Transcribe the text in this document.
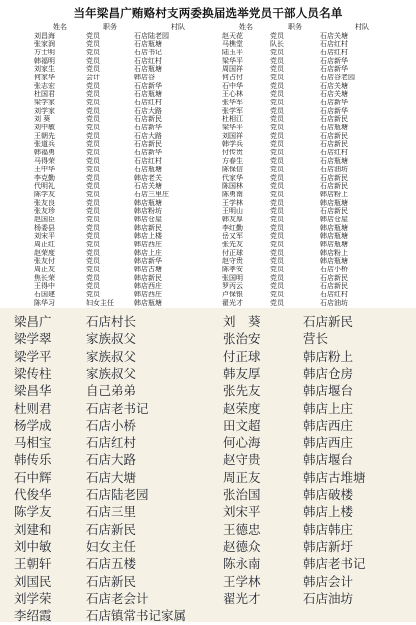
当年梁昌广贿赂村支两委换届选举党员干部人员名单
姓名	职务	村队	姓名	职务	村队
刘昌海	党员	石店陆老园	赵天花	党员	石店关塘
张家润	党员	石店瓶塘	马樵堂	队长	石店红村
方士明	党员	石店书记	陆玉平	党员	石店红村
韩福明	党员	石店红村	梁华平	党员	石店新华
刘家生	党员	石店瓶塘	周国祥	党员	石店新华
何家华	会计	韩店谷	何占付	党员	石店谷老园
张志宏	党员	石店新华	石中华	党员	石店关塘
杜国君	党员	石店瓶塘	王心林	党员	石店关塘
梁学家	党员	石店红村	张华军	党员	石店新华
刘学家	党员	石店大路	张学军	党员	石店新华
刘 葵	党员	石店新民	杜相江	党员	石店新民
刘中敏	党员	石店新华	梁华平	党员	石店瓶塘
王朝先	党员	石店大路	刘国祥	党员	石店新民
张道兵	党员	石店新民	韩学兵	党员	石店新民
韩福勇	党员	石店新华	付传贵	党员	石店红村
马得荣	党员	石店红村	方春生	党员	石店瓶塘
王中华	党员	石店瓶塘	陈保信	党员	石店油坊
李克勤	党员	韩店老关	代家华	党员	石店新民
代明礼	党员	石店关塘	陈国林	党员	石店新民
陈学友	党员	石店三里庄	陈勇南	党员	韩店粉上
张友良	党员	韩店瓶塘	王学林	党员	韩店瓶塘
张友珍	党员	韩店粉坊	王明山	党员	石店新民
赵国臣	党员	韩店仓屋	韩友厚	党员	韩店仓屋
杨委县	党员	韩店新民	李红勤	党员	韩店瓶塘
刘宋平	党员	韩店上楼	岳又军	党员	韩店瓶塘
周正红	党员	韩店西庄	张先友	党员	韩店瓶塘
赵荣度	党员	韩店上庄	付正球	党员	韩店粉上
张友付	党员	韩店新华	赵守贵	党员	韩店瓶塘
周正友	党员	韩店古塘	陈孝安	党员	石店小桥
焦长荣	党员	韩店新民	张国明	党员	石店新民
王得中	党员	韩店西庄	罗丙云	党员	石店新民
石国建	党员	韩店西庄	卢保银	党员	石店红村
陈华习	妇女主任	韩店瓶塘	翟光才	党员	石店油坊
梁昌广	石店村长	刘　葵	石店新民
梁学翠	家族叔父	张治安	营长
梁学平	家族叔父	付正球	韩店粉上
梁传柱	家族叔父	韩友厚	韩店仓房
梁昌华	自己弟弟	张先友	韩店堰台
杜则君	石店老书记	赵荣度	韩店上庄
杨学成	石店小桥	田文超	韩店西庄
马相宝	石店红村	何心海	韩店西庄
韩传乐	石店大路	赵守贵	韩店堰台
石中辉	石店大塘	周正友	韩店古堆塘
代俊华	石店陆老园	张治国	韩店破楼
陈学友	石店三里	刘宋平	韩店上楼
刘建和	石店新民	王德忠	韩店韩庄
刘中敏	妇女主任	赵德众	韩店新圩
王朝轩	石店五楼	陈永南	韩店老书记
刘国民	石店新民	王学林	韩店会计
刘学荣	石店老会计	翟光才	石店油坊
李绍霞	石店镇常书记家属
